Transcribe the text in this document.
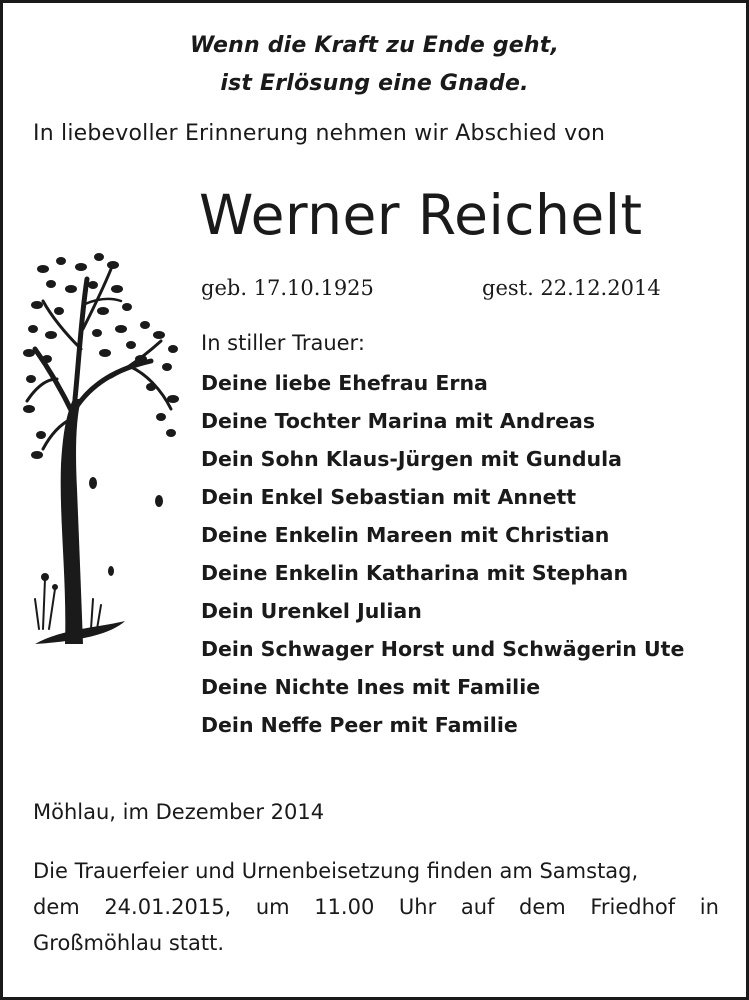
Wenn die Kraft zu Ende geht,
ist Erlösung eine Gnade.
In liebevoller Erinnerung nehmen wir Abschied von
Werner Reichelt
geb. 17.10.1925	gest. 22.12.2014
In stiller Trauer:
Deine liebe Ehefrau Erna
Deine Tochter Marina mit Andreas
Dein Sohn Klaus-Jürgen mit Gundula
Dein Enkel Sebastian mit Annett
Deine Enkelin Mareen mit Christian
Deine Enkelin Katharina mit Stephan
Dein Urenkel Julian
Dein Schwager Horst und Schwägerin Ute
Deine Nichte Ines mit Familie
Dein Neffe Peer mit Familie
Möhlau, im Dezember 2014
Die Trauerfeier und Urnenbeisetzung finden am Samstag,
dem 24.01.2015, um 11.00 Uhr auf dem Friedhof in
Großmöhlau statt.
